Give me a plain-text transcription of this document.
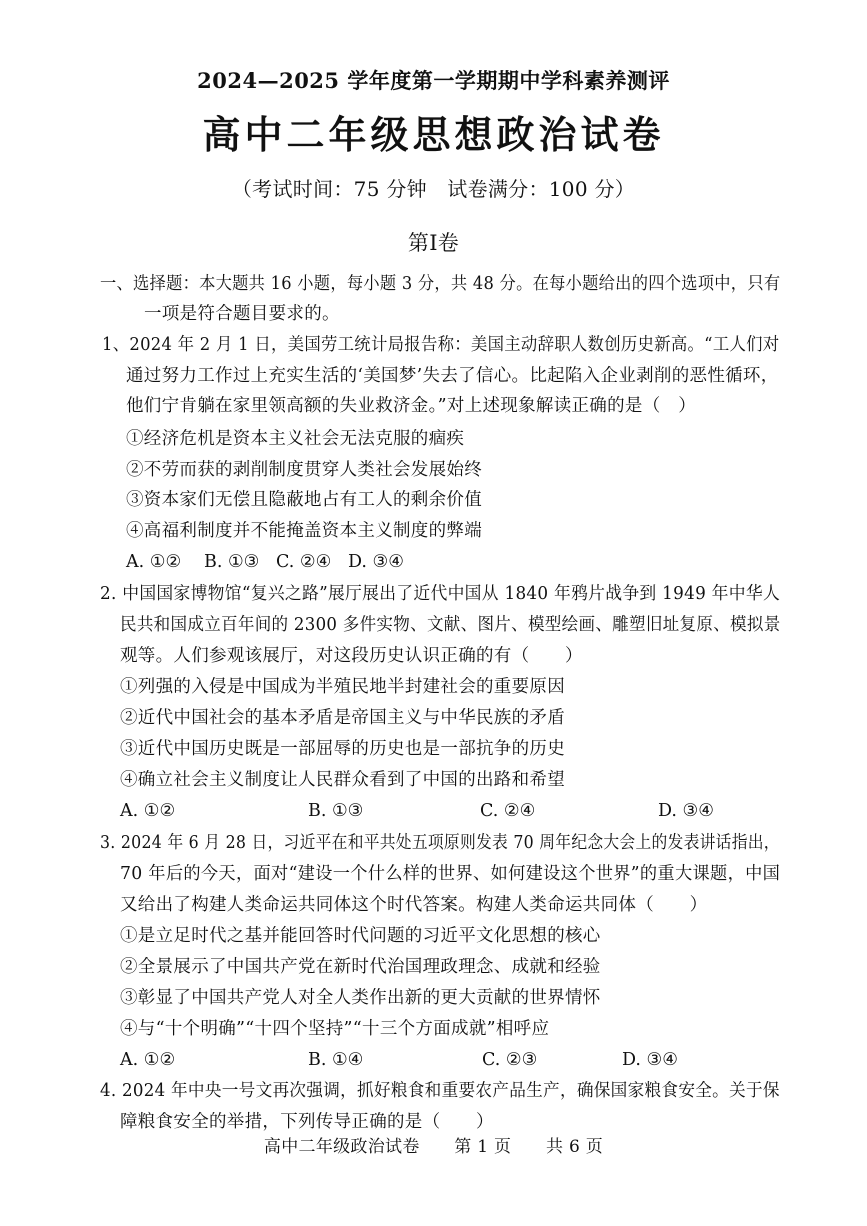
2024—2025 学年度第一学期期中学科素养测评
高中二年级思想政治试卷
（考试时间：75 分钟　试卷满分：100 分）
第Ⅰ卷
一、选择题：本大题共 16 小题，每小题 3 分，共 48 分。在每小题给出的四个选项中，只有
一项是符合题目要求的。
1、2024 年 2 月 1 日，美国劳工统计局报告称：美国主动辞职人数创历史新高。“工人们对
通过努力工作过上充实生活的‘美国梦’失去了信心。比起陷入企业剥削的恶性循环，
他们宁肯躺在家里领高额的失业救济金。”对上述现象解读正确的是（　）
①经济危机是资本主义社会无法克服的痼疾
②不劳而获的剥削制度贯穿人类社会发展始终
③资本家们无偿且隐蔽地占有工人的剩余价值
④高福利制度并不能掩盖资本主义制度的弊端
A. ①② B. ①③ C. ②④ D. ③④
2. 中国国家博物馆“复兴之路”展厅展出了近代中国从 1840 年鸦片战争到 1949 年中华人
民共和国成立百年间的 2300 多件实物、文献、图片、模型绘画、雕塑旧址复原、模拟景
观等。人们参观该展厅，对这段历史认识正确的有（　　）
①列强的入侵是中国成为半殖民地半封建社会的重要原因
②近代中国社会的基本矛盾是帝国主义与中华民族的矛盾
③近代中国历史既是一部屈辱的历史也是一部抗争的历史
④确立社会主义制度让人民群众看到了中国的出路和希望
A. ①②	B. ①③	C. ②④	D. ③④
3. 2024 年 6 月 28 日，习近平在和平共处五项原则发表 70 周年纪念大会上的发表讲话指出，
70 年后的今天，面对“建设一个什么样的世界、如何建设这个世界”的重大课题，中国
又给出了构建人类命运共同体这个时代答案。构建人类命运共同体（　　）
①是立足时代之基并能回答时代问题的习近平文化思想的核心
②全景展示了中国共产党在新时代治国理政理念、成就和经验
③彰显了中国共产党人对全人类作出新的更大贡献的世界情怀
④与“十个明确”“十四个坚持”“十三个方面成就”相呼应
A. ①②	B. ①④	C. ②③	D. ③④
4. 2024 年中央一号文再次强调，抓好粮食和重要农产品生产，确保国家粮食安全。关于保
障粮食安全的举措，下列传导正确的是（　　）
高中二年级政治试卷　　第 1 页　　共 6 页
